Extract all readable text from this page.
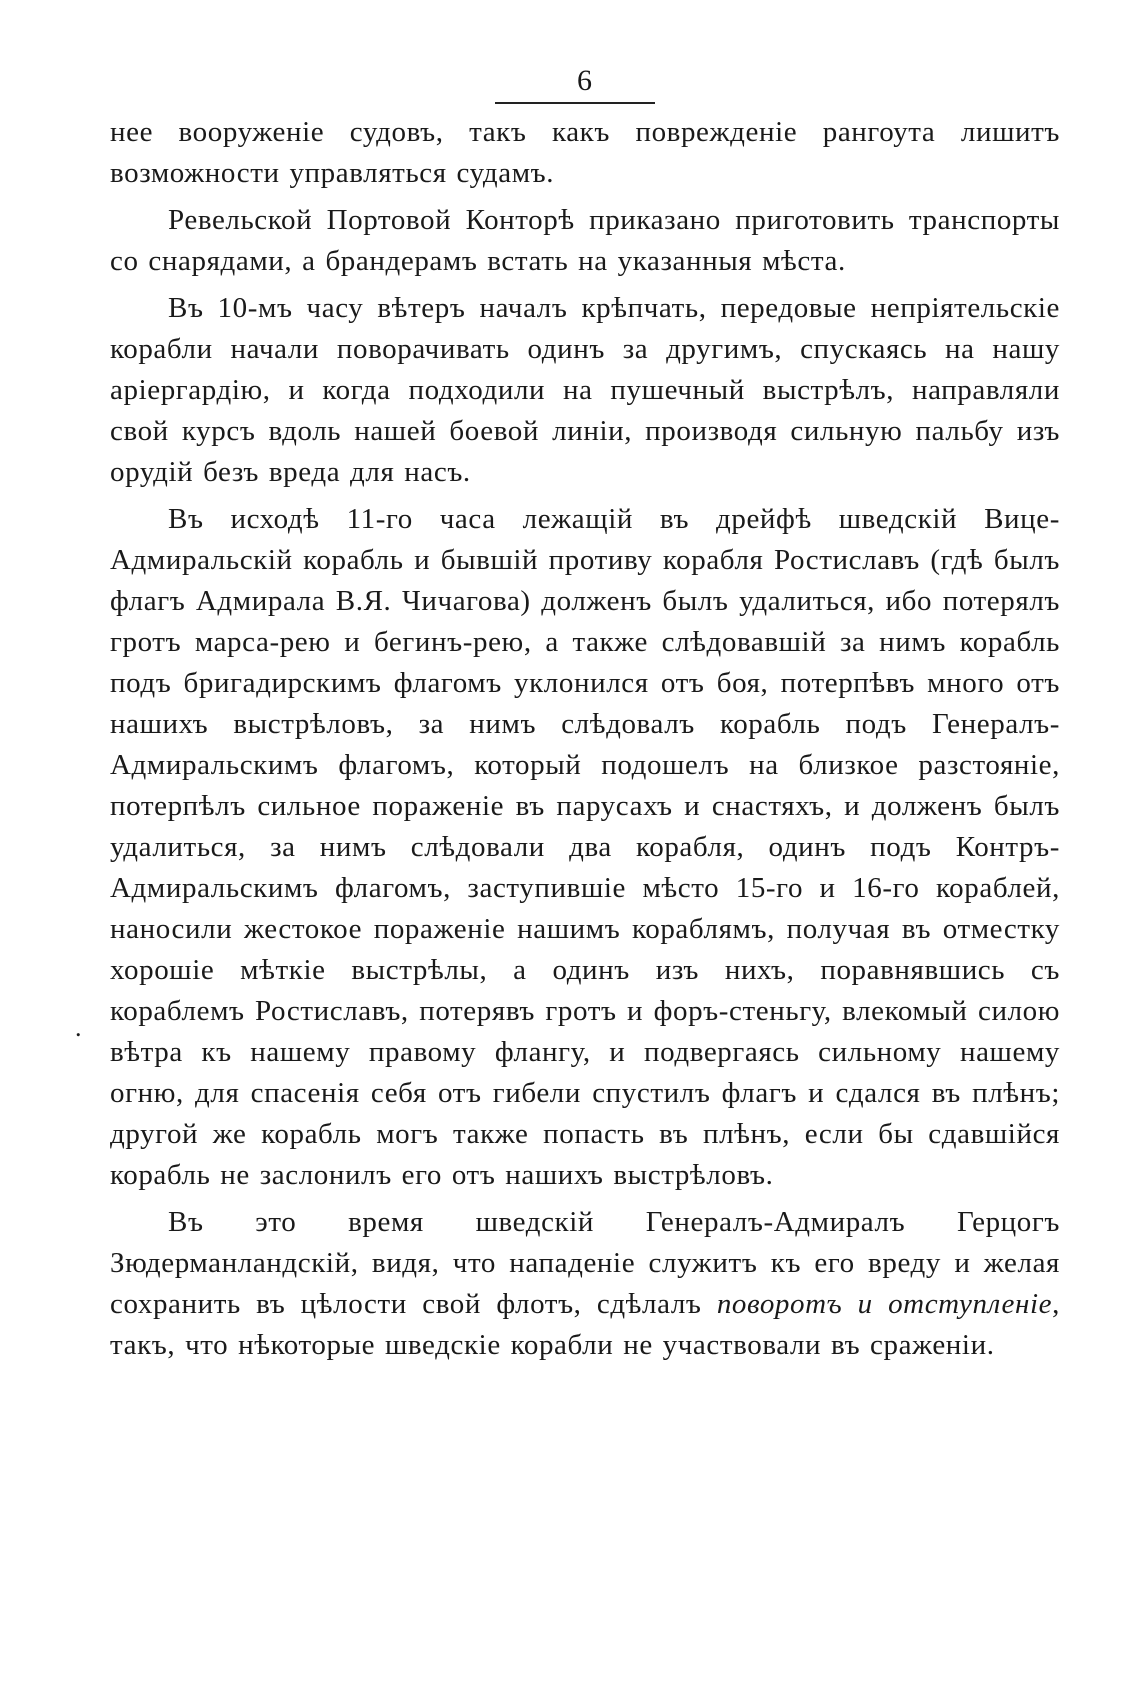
6

нее вооруженіе судовъ, такъ какъ поврежденіе рангоута лишитъ возможности управляться судамъ.

Ревельской Портовой Конторѣ приказано приготовить транспорты со снарядами, а брандерамъ встать на указанныя мѣста.

Въ 10-мъ часу вѣтеръ началъ крѣпчать, передовые непріятельскіе корабли начали поворачивать одинъ за другимъ, спускаясь на нашу аріергардію, и когда подходили на пушечный выстрѣлъ, направляли свой курсъ вдоль нашей боевой линіи, производя сильную пальбу изъ орудій безъ вреда для насъ.

Въ исходѣ 11-го часа лежащій въ дрейфѣ шведскій Вице-Адмиральскій корабль и бывшій противу корабля Ростиславъ (гдѣ былъ флагъ Адмирала В.Я. Чичагова) долженъ былъ удалиться, ибо потерялъ гротъ марса-рею и бегинъ-рею, а также слѣдовавшій за нимъ корабль подъ бригадирскимъ флагомъ уклонился отъ боя, потерпѣвъ много отъ нашихъ выстрѣловъ, за нимъ слѣдовалъ корабль подъ Генералъ-Адмиральскимъ флагомъ, который подошелъ на близкое разстояніе, потерпѣлъ сильное пораженіе въ парусахъ и снастяхъ, и долженъ былъ удалиться, за нимъ слѣдовали два корабля, одинъ подъ Контръ-Адмиральскимъ флагомъ, заступившіе мѣсто 15-го и 16-го кораблей, наносили жестокое пораженіе нашимъ кораблямъ, получая въ отместку хорошіе мѣткіе выстрѣлы, а одинъ изъ нихъ, поравнявшись съ кораблемъ Ростиславъ, потерявъ гротъ и форъ-стеньгу, влекомый силою вѣтра къ нашему правому флангу, и подвергаясь сильному нашему огню, для спасенія себя отъ гибели спустилъ флагъ и сдался въ плѣнъ; другой же корабль могъ также попасть въ плѣнъ, если бы сдавшійся корабль не заслонилъ его отъ нашихъ выстрѣловъ.

Въ это время шведскій Генералъ-Адмиралъ Герцогъ Зюдерманландскій, видя, что нападеніе служитъ къ его вреду и желая сохранить въ цѣлости свой флотъ, сдѣлалъ поворотъ и отступленіе, такъ, что нѣкоторые шведскіе корабли не участвовали въ сраженіи.

.
